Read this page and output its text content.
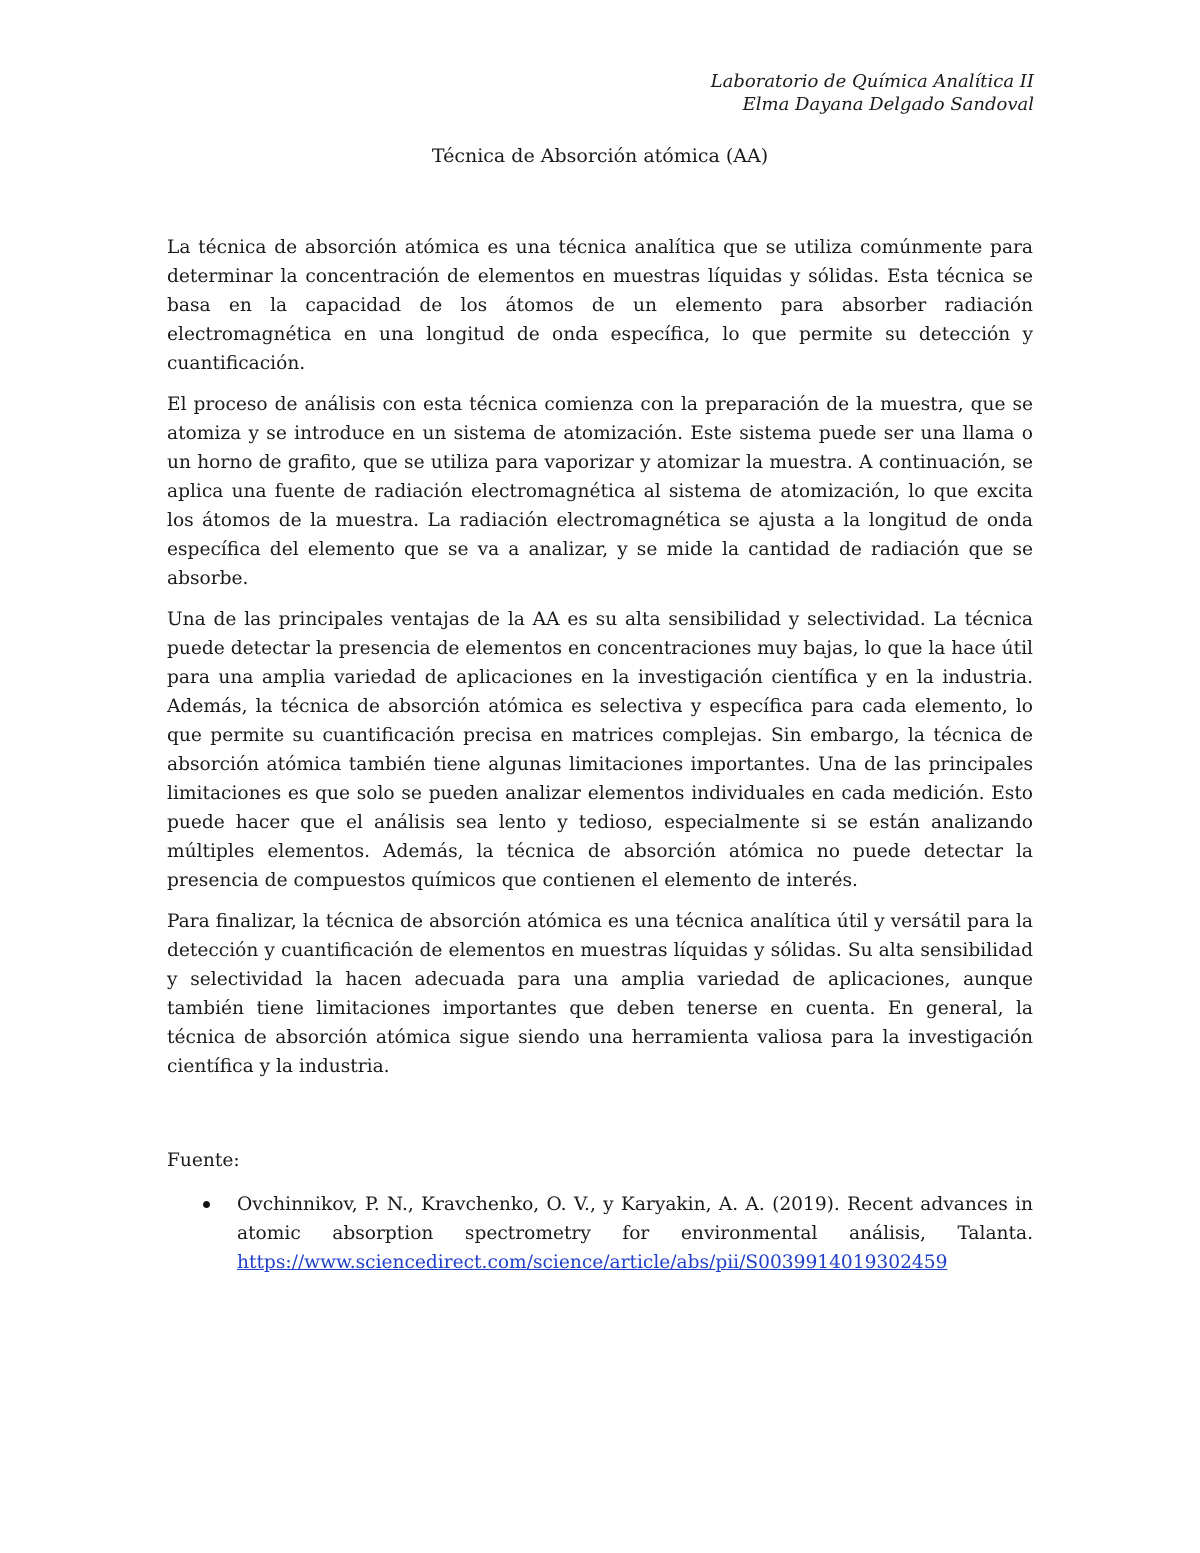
Laboratorio de Química Analítica II
Elma Dayana Delgado Sandoval
Técnica de Absorción atómica (AA)

La técnica de absorción atómica es una técnica analítica que se utiliza comúnmente para determinar la concentración de elementos en muestras líquidas y sólidas. Esta técnica se basa en la capacidad de los átomos de un elemento para absorber radiación electromagnética en una longitud de onda específica, lo que permite su detección y cuantificación.

El proceso de análisis con esta técnica comienza con la preparación de la muestra, que se atomiza y se introduce en un sistema de atomización. Este sistema puede ser una llama o un horno de grafito, que se utiliza para vaporizar y atomizar la muestra. A continuación, se aplica una fuente de radiación electromagnética al sistema de atomización, lo que excita los átomos de la muestra. La radiación electromagnética se ajusta a la longitud de onda específica del elemento que se va a analizar, y se mide la cantidad de radiación que se absorbe.

Una de las principales ventajas de la AA es su alta sensibilidad y selectividad. La técnica puede detectar la presencia de elementos en concentraciones muy bajas, lo que la hace útil para una amplia variedad de aplicaciones en la investigación científica y en la industria. Además, la técnica de absorción atómica es selectiva y específica para cada elemento, lo que permite su cuantificación precisa en matrices complejas. Sin embargo, la técnica de absorción atómica también tiene algunas limitaciones importantes. Una de las principales limitaciones es que solo se pueden analizar elementos individuales en cada medición. Esto puede hacer que el análisis sea lento y tedioso, especialmente si se están analizando múltiples elementos. Además, la técnica de absorción atómica no puede detectar la presencia de compuestos químicos que contienen el elemento de interés.

Para finalizar, la técnica de absorción atómica es una técnica analítica útil y versátil para la detección y cuantificación de elementos en muestras líquidas y sólidas. Su alta sensibilidad y selectividad la hacen adecuada para una amplia variedad de aplicaciones, aunque también tiene limitaciones importantes que deben tenerse en cuenta. En general, la técnica de absorción atómica sigue siendo una herramienta valiosa para la investigación científica y la industria.

Fuente:
Ovchinnikov, P. N., Kravchenko, O. V., y Karyakin, A. A. (2019). Recent advances in atomic absorption spectrometry for environmental análisis, Talanta. https://www.sciencedirect.com/science/article/abs/pii/S0039914019302459
